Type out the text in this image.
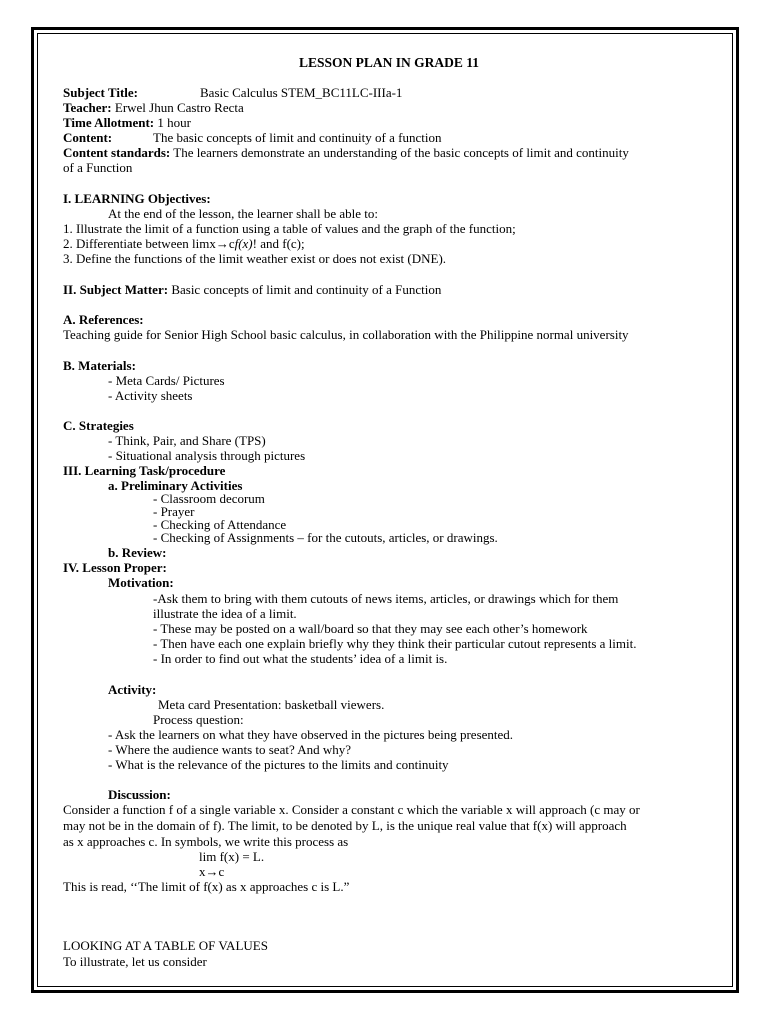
LESSON PLAN IN GRADE 11
Subject Title:	Basic Calculus STEM_BC11LC-IIIa-1
Teacher: Erwel Jhun Castro Recta
Time Allotment: 1 hour
Content:	The basic concepts of limit and continuity of a function
Content standards: The learners demonstrate an understanding of the basic concepts of limit and continuity
of a Function
I. LEARNING Objectives:
At the end of the lesson, the learner shall be able to:
1. Illustrate the limit of a function using a table of values and the graph of the function;
2. Differentiate between limx→cf(x)! and f(c);
3. Define the functions of the limit weather exist or does not exist (DNE).
II. Subject Matter: Basic concepts of limit and continuity of a Function
A. References:
Teaching guide for Senior High School basic calculus, in collaboration with the Philippine normal university
B. Materials:
- Meta Cards/ Pictures
- Activity sheets
C. Strategies
- Think, Pair, and Share (TPS)
- Situational analysis through pictures
III. Learning Task/procedure
a. Preliminary Activities
- Classroom decorum
- Prayer
- Checking of Attendance
- Checking of Assignments – for the cutouts, articles, or drawings.
b. Review:
IV. Lesson Proper:
Motivation:
-Ask them to bring with them cutouts of news items, articles, or drawings which for them
illustrate the idea of a limit.
- These may be posted on a wall/board so that they may see each other’s homework
- Then have each one explain briefly why they think their particular cutout represents a limit.
- In order to find out what the students’ idea of a limit is.
Activity:
Meta card Presentation: basketball viewers.
Process question:
- Ask the learners on what they have observed in the pictures being presented.
- Where the audience wants to seat? And why?
- What is the relevance of the pictures to the limits and continuity
Discussion:
Consider a function f of a single variable x. Consider a constant c which the variable x will approach (c may or
may not be in the domain of f). The limit, to be denoted by L, is the unique real value that f(x) will approach
as x approaches c. In symbols, we write this process as
lim f(x) = L.
x→c
This is read, ‘‘The limit of f(x) as x approaches c is L.”
LOOKING AT A TABLE OF VALUES
To illustrate, let us consider
